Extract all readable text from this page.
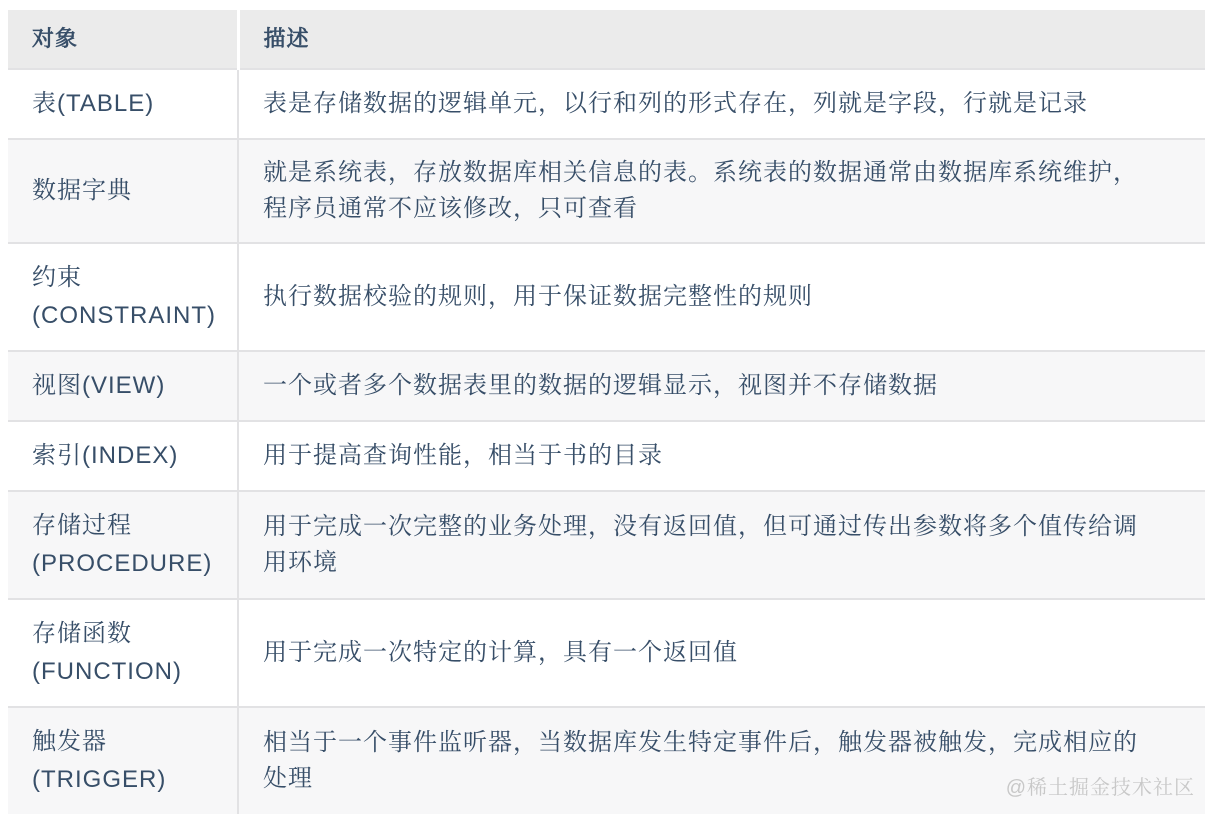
对象	描述

表(TABLE)	表是存储数据的逻辑单元，以行和列的形式存在，列就是字段，行就是记录

数据字典	就是系统表，存放数据库相关信息的表。系统表的数据通常由数据库系统维护，程序员通常不应该修改，只可查看

约束
(CONSTRAINT)	执行数据校验的规则，用于保证数据完整性的规则

视图(VIEW)	一个或者多个数据表里的数据的逻辑显示，视图并不存储数据

索引(INDEX)	用于提高查询性能，相当于书的目录

存储过程
(PROCEDURE)	用于完成一次完整的业务处理，没有返回值，但可通过传出参数将多个值传给调用环境

存储函数
(FUNCTION)	用于完成一次特定的计算，具有一个返回值

触发器
(TRIGGER)	相当于一个事件监听器，当数据库发生特定事件后，触发器被触发，完成相应的处理	@稀土掘金技术社区
